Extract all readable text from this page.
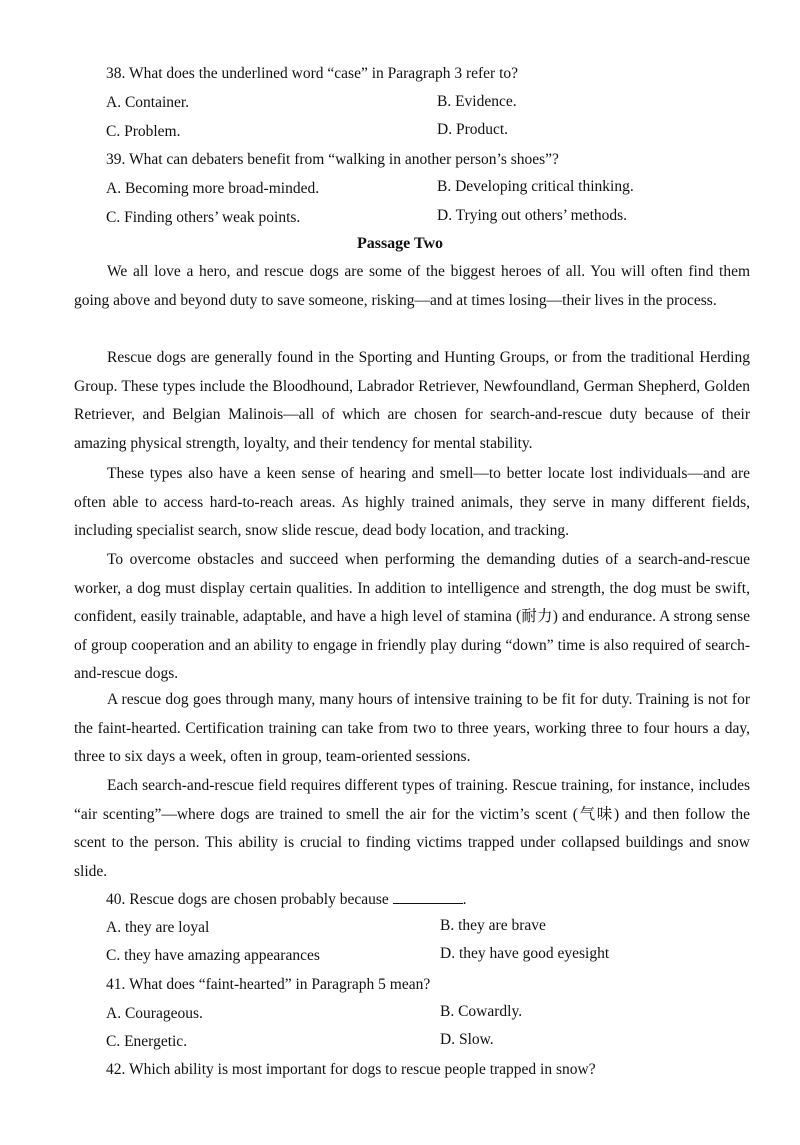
38. What does the underlined word “case” in Paragraph 3 refer to?
A. Container.	B. Evidence.
C. Problem.	D. Product.
39. What can debaters benefit from “walking in another person’s shoes”?
A. Becoming more broad-minded.	B. Developing critical thinking.
C. Finding others’ weak points.	D. Trying out others’ methods.
Passage Two
We all love a hero, and rescue dogs are some of the biggest heroes of all. You will often find them going above and beyond duty to save someone, risking—and at times losing—their lives in the process.
Rescue dogs are generally found in the Sporting and Hunting Groups, or from the traditional Herding Group. These types include the Bloodhound, Labrador Retriever, Newfoundland, German Shepherd, Golden Retriever, and Belgian Malinois—all of which are chosen for search-and-rescue duty because of their amazing physical strength, loyalty, and their tendency for mental stability.
These types also have a keen sense of hearing and smell—to better locate lost individuals—and are often able to access hard-to-reach areas. As highly trained animals, they serve in many different fields, including specialist search, snow slide rescue, dead body location, and tracking.
To overcome obstacles and succeed when performing the demanding duties of a search-and-rescue worker, a dog must display certain qualities. In addition to intelligence and strength, the dog must be swift, confident, easily trainable, adaptable, and have a high level of stamina (耐力) and endurance. A strong sense of group cooperation and an ability to engage in friendly play during “down” time is also required of search-and-rescue dogs.
A rescue dog goes through many, many hours of intensive training to be fit for duty. Training is not for the faint-hearted. Certification training can take from two to three years, working three to four hours a day, three to six days a week, often in group, team-oriented sessions.
Each search-and-rescue field requires different types of training. Rescue training, for instance, includes “air scenting”—where dogs are trained to smell the air for the victim’s scent (气味) and then follow the scent to the person. This ability is crucial to finding victims trapped under collapsed buildings and snow slide.
40. Rescue dogs are chosen probably because	.
A. they are loyal	B. they are brave
C. they have amazing appearances	D. they have good eyesight
41. What does “faint-hearted” in Paragraph 5 mean?
A. Courageous.	B. Cowardly.
C. Energetic.	D. Slow.
42. Which ability is most important for dogs to rescue people trapped in snow?
